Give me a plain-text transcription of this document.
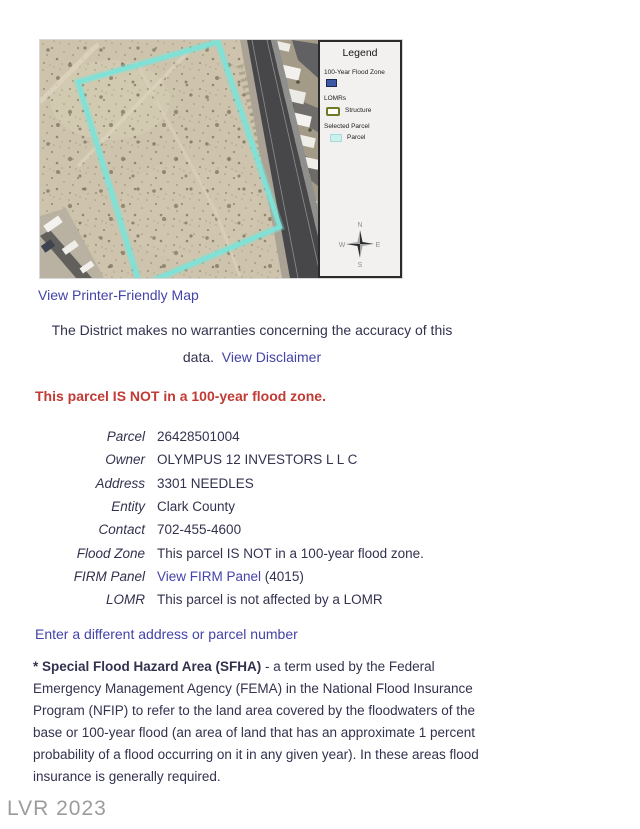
Legend
100-Year Flood Zone
LOMRs
Structure
Selected Parcel
Parcel
N
E
S
W
View Printer-Friendly Map
The District makes no warranties concerning the accuracy of this
data. View Disclaimer
This parcel IS NOT in a 100-year flood zone.
Parcel 26428501004
Owner OLYMPUS 12 INVESTORS L L C
Address 3301 NEEDLES
Entity Clark County
Contact 702-455-4600
Flood Zone This parcel IS NOT in a 100-year flood zone.
FIRM Panel View FIRM Panel (4015)
LOMR This parcel is not affected by a LOMR
Enter a different address or parcel number

* Special Flood Hazard Area (SFHA) - a term used by the Federal Emergency Management Agency (FEMA) in the National Flood Insurance Program (NFIP) to refer to the land area covered by the floodwaters of the base or 100-year flood (an area of land that has an approximate 1 percent probability of a flood occurring on it in any given year). In these areas flood insurance is generally required.

LVR 2023
